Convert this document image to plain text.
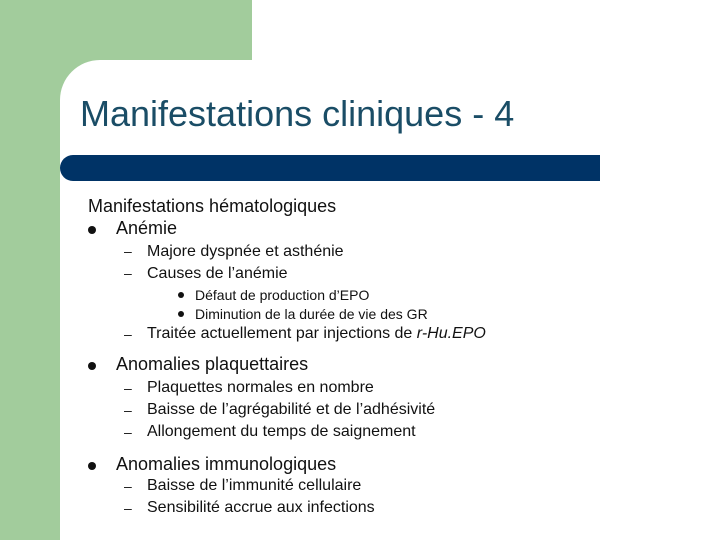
Manifestations cliniques - 4
Manifestations hématologiques
Anémie
– Majore dyspnée et asthénie
– Causes de l’anémie
Défaut de production d’EPO
Diminution de la durée de vie des GR
– Traitée actuellement par injections de r-Hu.EPO
Anomalies plaquettaires
– Plaquettes normales en nombre
– Baisse de l’agrégabilité et de l’adhésivité
– Allongement du temps de saignement
Anomalies immunologiques
– Baisse de l’immunité cellulaire
– Sensibilité accrue aux infections
